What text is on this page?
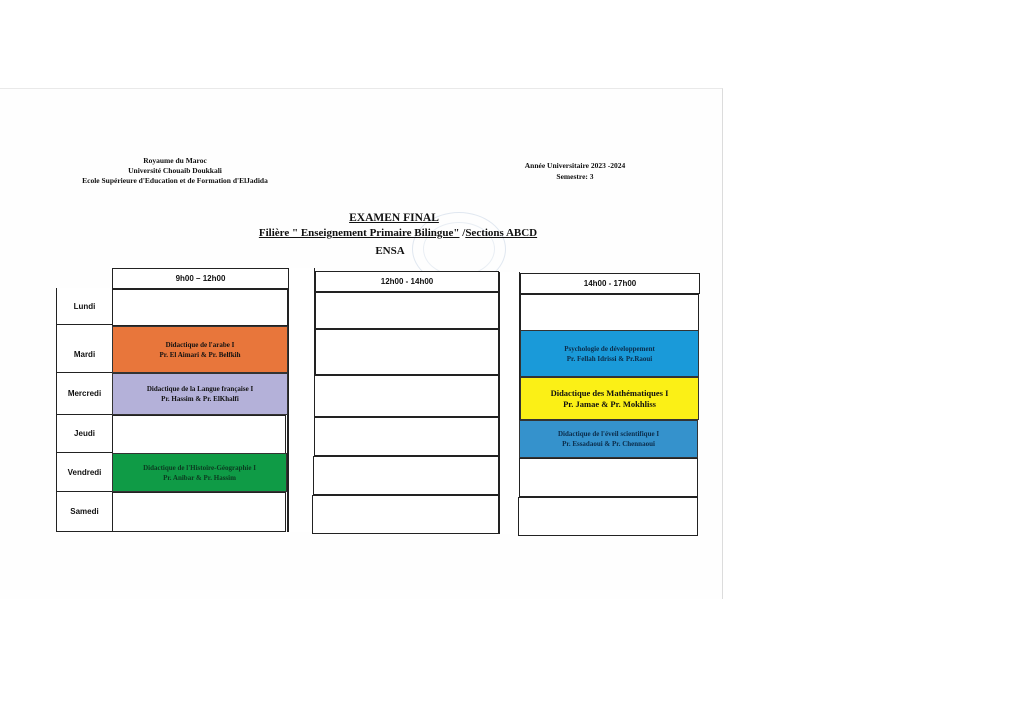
Royaume du Maroc
Université Chouaib Doukkali
Ecole Supérieure d'Education et de Formation d'ElJadida
Année Universitaire 2023 -2024
Semestre: 3
EXAMEN FINAL
Filière " Enseignement Primaire Bilingue" /Sections ABCD
ENSA
9h00 – 12h00	12h00 - 14h00	14h00 - 17h00
Lundi
Mardi
Mercredi
Jeudi
Vendredi
Samedi
Didactique de l'arabe I
Pr. El Aimari & Pr. Belfkih
Didactique de la Langue française I
Pr. Hassim & Pr. ElKhalfi
Didactique de l'Histoire-Géographie I
Pr. Anibar & Pr. Hassim
Psychologie de développement
Pr. Fellah Idrissi & Pr.Raoui
Didactique des Mathématiques I
Pr. Jamae & Pr. Mokhliss
Didactique de l'éveil scientifique I
Pr. Essadaoui & Pr. Chennaoui
